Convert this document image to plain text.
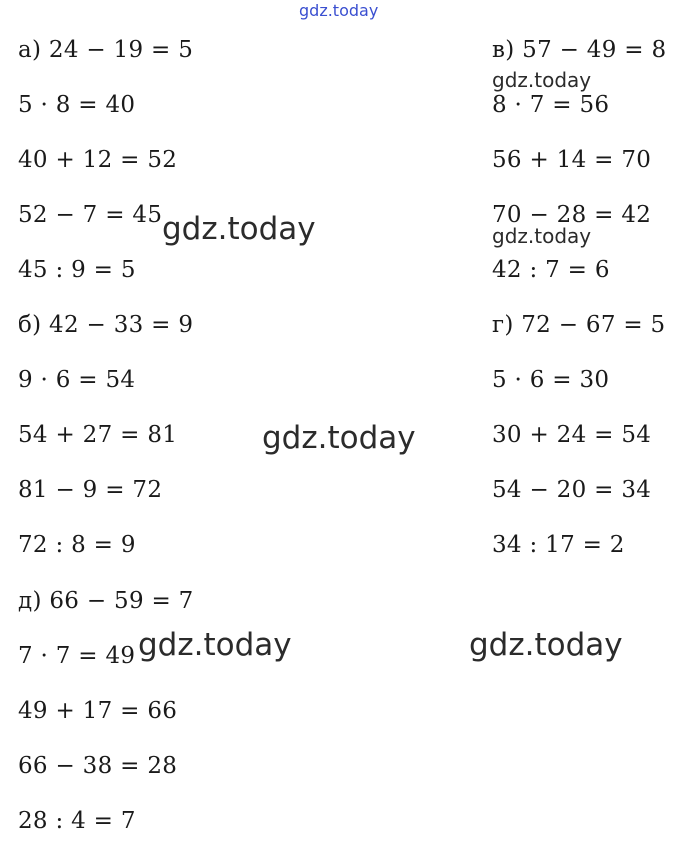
gdz.today
а) 24 − 19 = 5
5 · 8 = 40
40 + 12 = 52
52 − 7 = 45
45 : 9 = 5
б) 42 − 33 = 9
9 · 6 = 54
54 + 27 = 81
81 − 9 = 72
72 : 8 = 9
д) 66 − 59 = 7
7 · 7 = 49
49 + 17 = 66
66 − 38 = 28
28 : 4 = 7
в) 57 − 49 = 8
8 · 7 = 56
56 + 14 = 70
70 − 28 = 42
42 : 7 = 6
г) 72 − 67 = 5
5 · 6 = 30
30 + 24 = 54
54 − 20 = 34
34 : 17 = 2
gdz.today
gdz.today	gdz.today
gdz.today
gdz.today	gdz.today
